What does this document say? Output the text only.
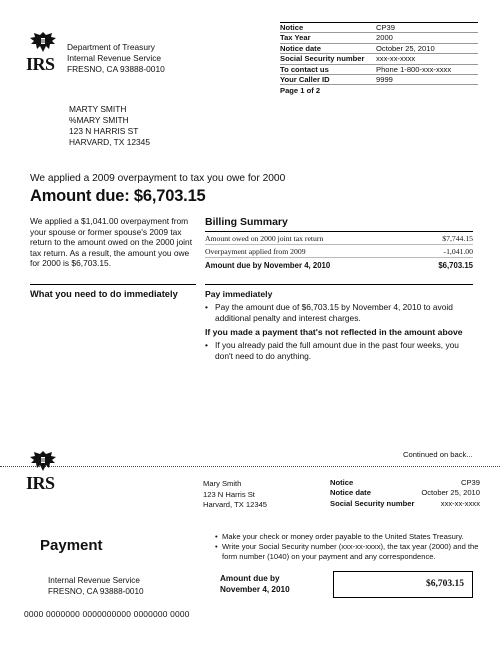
IRS
Department of Treasury
Internal Revenue Service
FRESNO, CA 93888-0010
Notice	CP39
Tax Year	2000
Notice date	October 25, 2010
Social Security number	xxx-xx-xxxx
To contact us	Phone 1-800-xxx-xxxx
Your Caller ID	9999
Page 1 of 2
MARTY SMITH
%MARY SMITH
123 N HARRIS ST
HARVARD, TX 12345
We applied a 2009 overpayment to tax you owe for 2000
Amount due: $6,703.15
We applied a $1,041.00 overpayment from your spouse or former spouse's 2009 tax return to the amount owed on the 2000 joint tax return. As a result, the amount you owe for 2000 is $6,703.15.
Billing Summary
Amount owed on 2000 joint tax return	$7,744.15
Overpayment applied from 2009	-1,041.00
Amount due by November 4, 2010	$6,703.15
What you need to do immediately	Pay immediately
• Pay the amount due of $6,703.15 by November 4, 2010 to avoid additional penalty and interest charges.
If you made a payment that's not reflected in the amount above
• If you already paid the full amount due in the past four weeks, you don't need to do anything.
Continued on back...
IRS	Mary Smith
123 N Harris St
Harvard, TX 12345
Notice	CP39
Notice date	October 25, 2010
Social Security number	xxx-xx-xxxx
Payment
• Make your check or money order payable to the United States Treasury.
• Write your Social Security number (xxx-xx-xxxx), the tax year (2000) and the form number (1040) on your payment and any correspondence.
Internal Revenue Service
FRESNO, CA 93888-0010
Amount due by
November 4, 2010
$6,703.15
0000 0000000 0000000000 0000000 0000
